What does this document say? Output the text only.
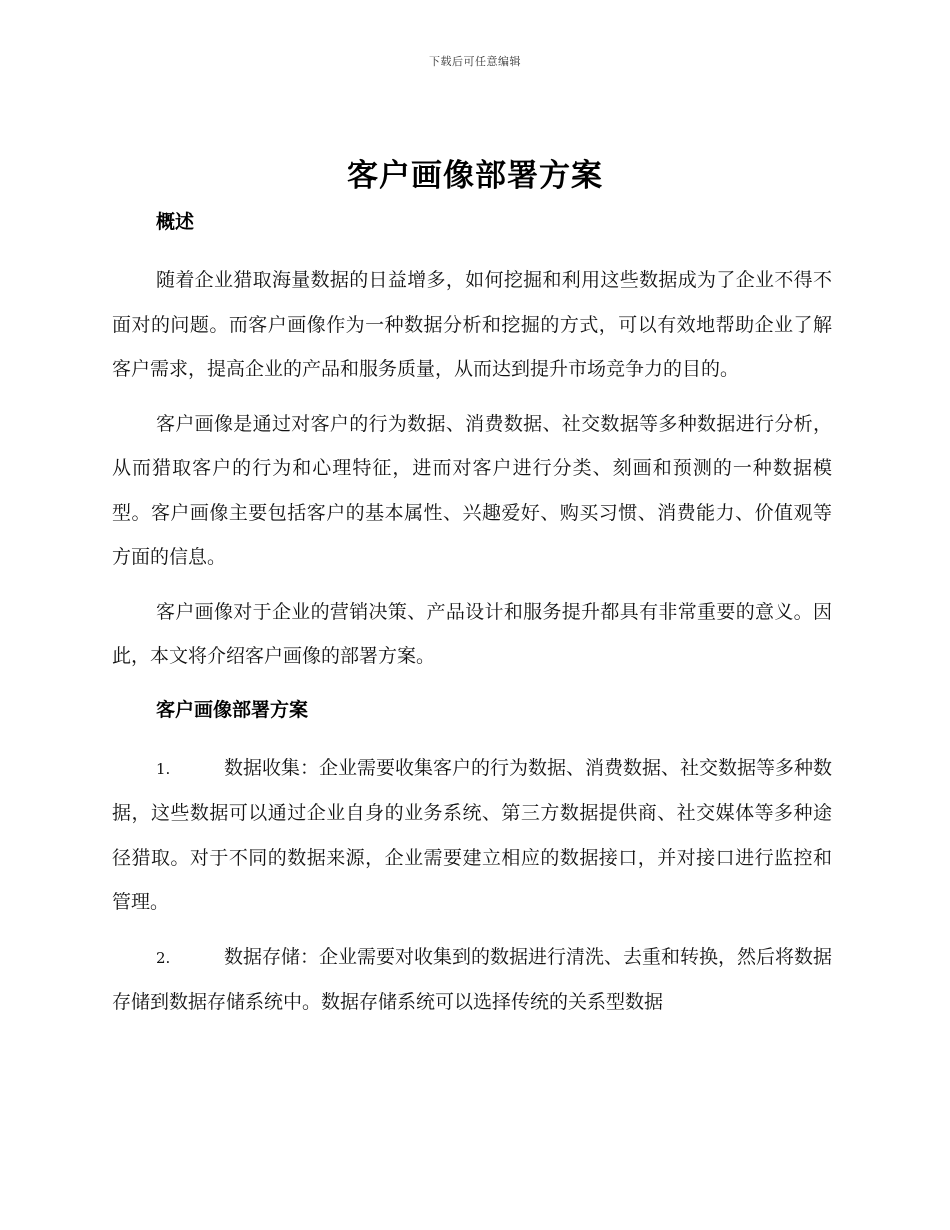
下载后可任意编辑
客户画像部署方案
概述

随着企业猎取海量数据的日益增多，如何挖掘和利用这些数据成为了企业不得不面对的问题。而客户画像作为一种数据分析和挖掘的方式，可以有效地帮助企业了解客户需求，提高企业的产品和服务质量，从而达到提升市场竞争力的目的。

客户画像是通过对客户的行为数据、消费数据、社交数据等多种数据进行分析，从而猎取客户的行为和心理特征，进而对客户进行分类、刻画和预测的一种数据模型。客户画像主要包括客户的基本属性、兴趣爱好、购买习惯、消费能力、价值观等方面的信息。

客户画像对于企业的营销决策、产品设计和服务提升都具有非常重要的意义。因此，本文将介绍客户画像的部署方案。

客户画像部署方案

1.	数据收集：企业需要收集客户的行为数据、消费数据、社交数据等多种数据，这些数据可以通过企业自身的业务系统、第三方数据提供商、社交媒体等多种途径猎取。对于不同的数据来源，企业需要建立相应的数据接口，并对接口进行监控和管理。

2.	数据存储：企业需要对收集到的数据进行清洗、去重和转换，然后将数据存储到数据存储系统中。数据存储系统可以选择传统的关系型数据
